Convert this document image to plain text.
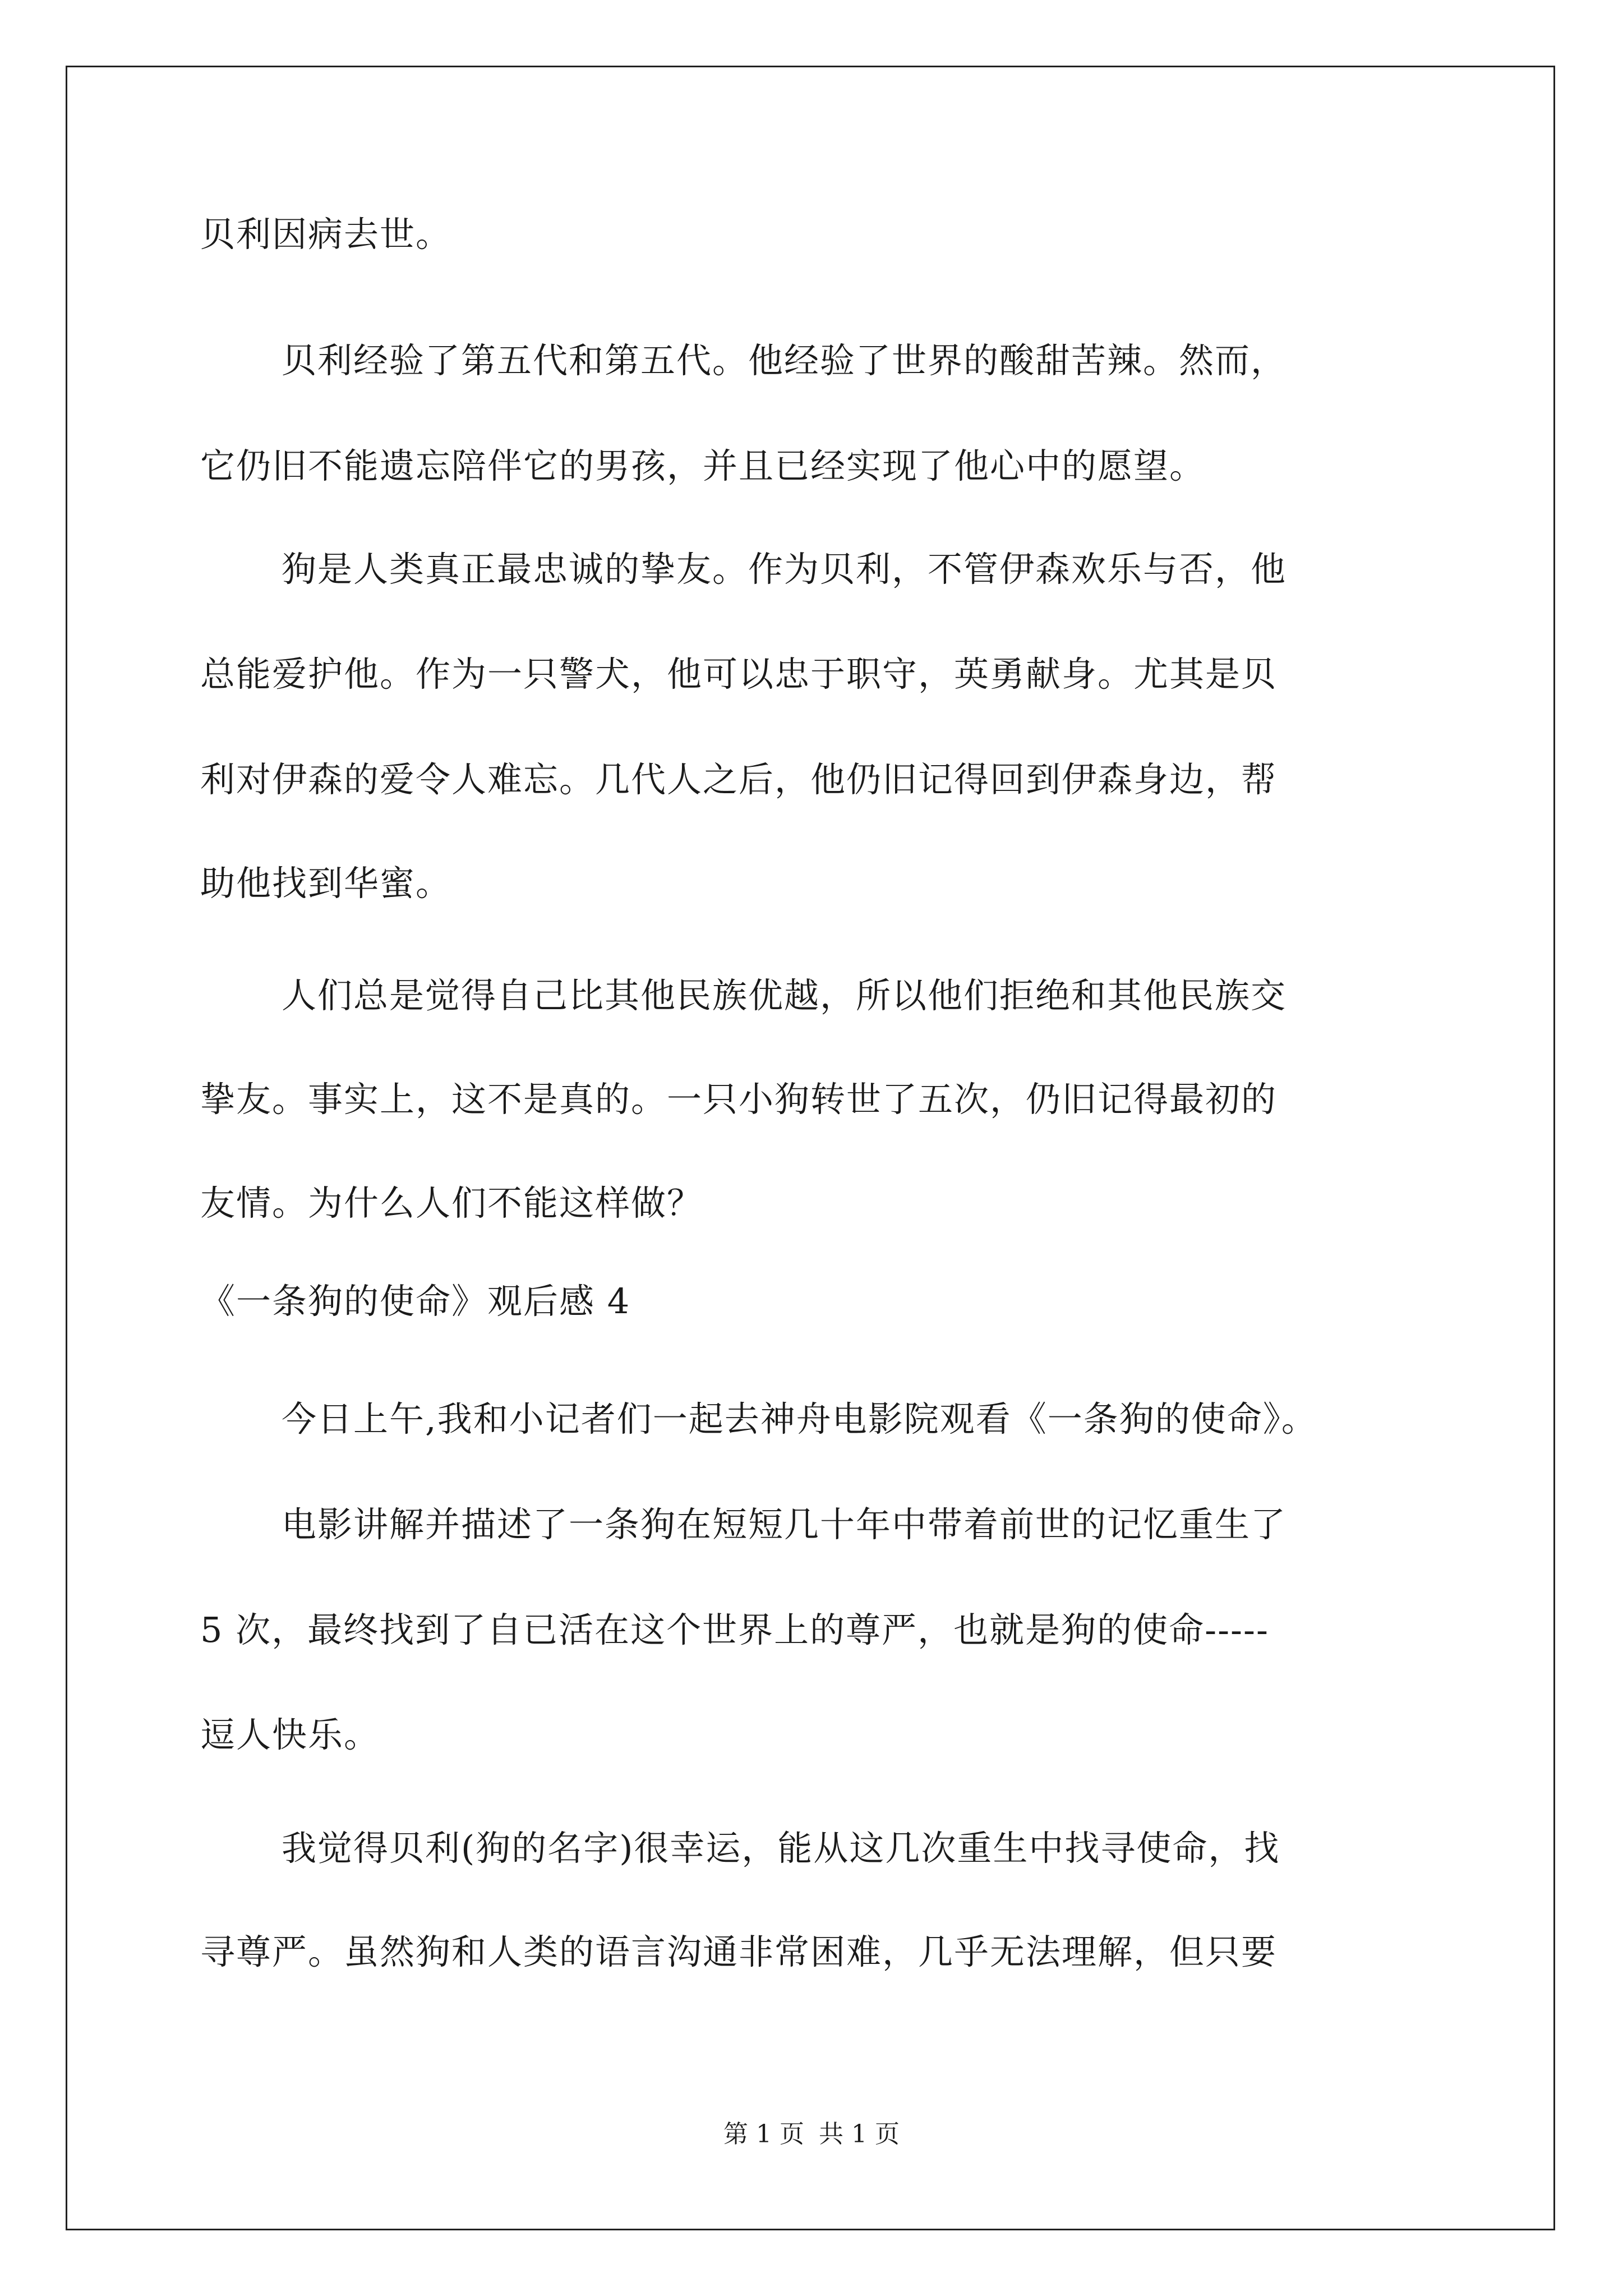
贝利因病去世。
贝利经验了第五代和第五代。他经验了世界的酸甜苦辣。然而，
它仍旧不能遗忘陪伴它的男孩，并且已经实现了他心中的愿望。
狗是人类真正最忠诚的挚友。作为贝利，不管伊森欢乐与否，他
总能爱护他。作为一只警犬，他可以忠于职守，英勇献身。尤其是贝
利对伊森的爱令人难忘。几代人之后，他仍旧记得回到伊森身边，帮
助他找到华蜜。
人们总是觉得自己比其他民族优越，所以他们拒绝和其他民族交
挚友。事实上，这不是真的。一只小狗转世了五次，仍旧记得最初的
友情。为什么人们不能这样做？
《一条狗的使命》观后感 4
今日上午,我和小记者们一起去神舟电影院观看《一条狗的使命》。
电影讲解并描述了一条狗在短短几十年中带着前世的记忆重生了
5 次，最终找到了自已活在这个世界上的尊严，也就是狗的使命-----
逗人快乐。
我觉得贝利(狗的名字)很幸运，能从这几次重生中找寻使命，找
寻尊严。虽然狗和人类的语言沟通非常困难，几乎无法理解，但只要
第 1 页 共 1 页
